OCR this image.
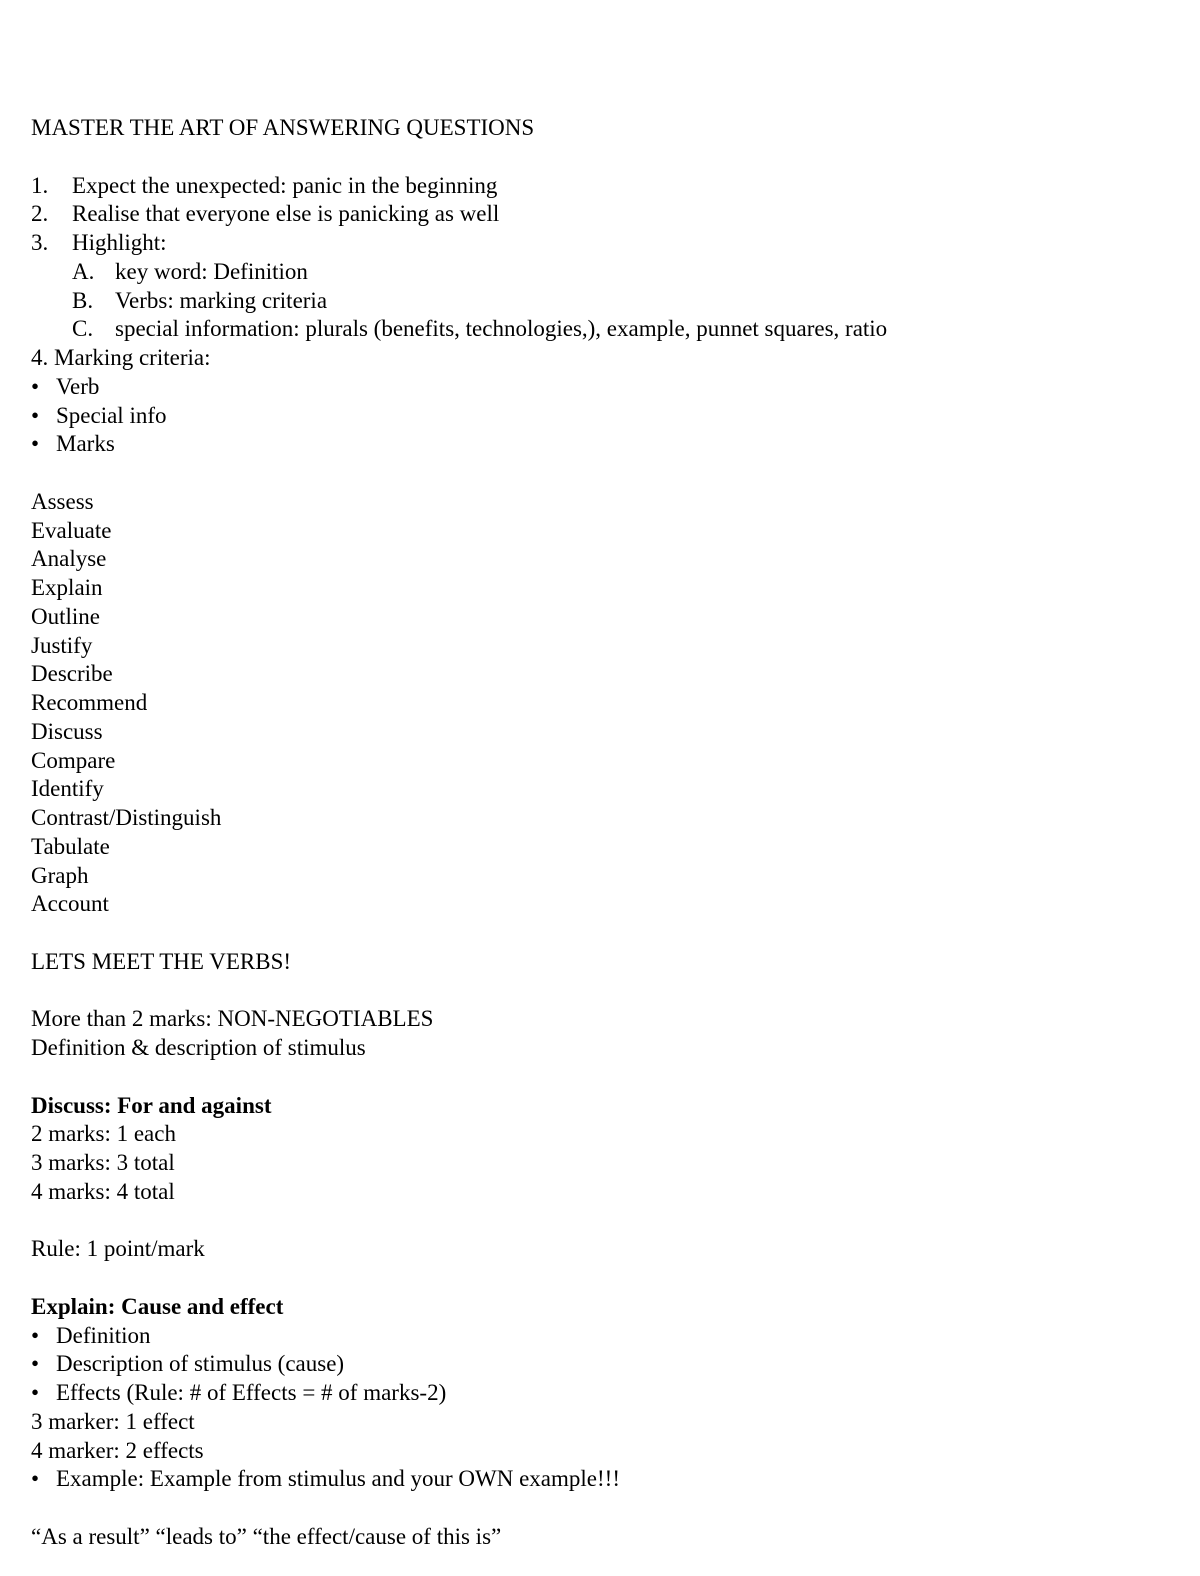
MASTER THE ART OF ANSWERING QUESTIONS
1. Expect the unexpected: panic in the beginning
2. Realise that everyone else is panicking as well
3. Highlight:
A. key word: Definition
B. Verbs: marking criteria
C. special information: plurals (benefits, technologies,), example, punnet squares, ratio
4. Marking criteria:
• Verb
• Special info
• Marks
Assess
Evaluate
Analyse
Explain
Outline
Justify
Describe
Recommend
Discuss
Compare
Identify
Contrast/Distinguish
Tabulate
Graph
Account
LETS MEET THE VERBS!
More than 2 marks: NON-NEGOTIABLES
Definition & description of stimulus
Discuss: For and against
2 marks: 1 each
3 marks: 3 total
4 marks: 4 total
Rule: 1 point/mark
Explain: Cause and effect
• Definition
• Description of stimulus (cause)
• Effects (Rule: # of Effects = # of marks-2)
3 marker: 1 effect
4 marker: 2 effects
• Example: Example from stimulus and your OWN example!!!
“As a result” “leads to” “the effect/cause of this is”
